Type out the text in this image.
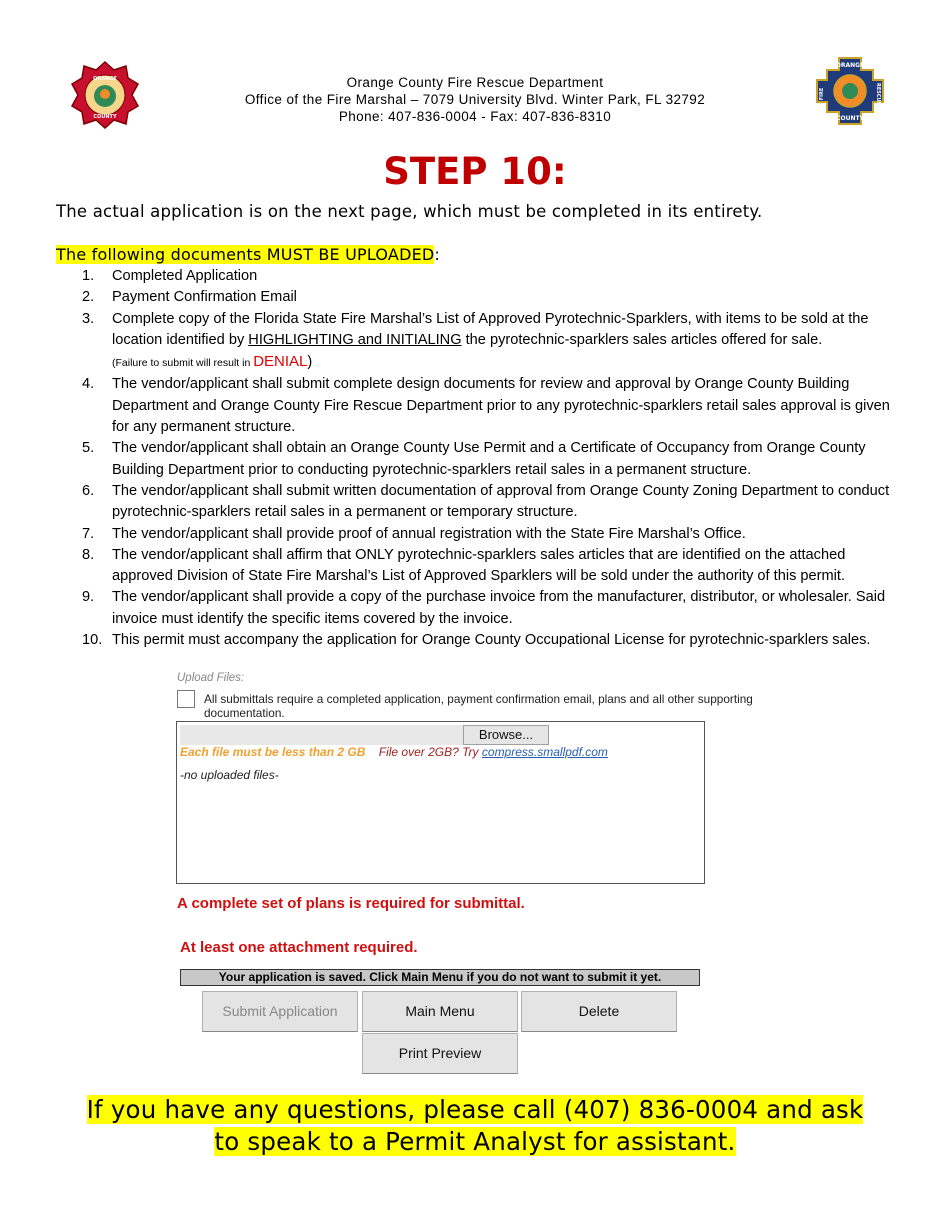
ORANGE
COUNTY
ORANGE
FIRE	RESCUE
COUNTY
Orange County Fire Rescue Department
Office of the Fire Marshal – 7079 University Blvd. Winter Park, FL 32792
Phone: 407-836-0004 - Fax: 407-836-8310
STEP 10:
The actual application is on the next page, which must be completed in its entirety.
The following documents MUST BE UPLOADED:
1.	Completed Application
2.	Payment Confirmation Email
3.	Complete copy of the Florida State Fire Marshal’s List of Approved Pyrotechnic-Sparklers, with items to be sold at the location identified by HIGHLIGHTING and INITIALING the pyrotechnic-sparklers sales articles offered for sale.
(Failure to submit will result in DENIAL)
4.	The vendor/applicant shall submit complete design documents for review and approval by Orange County Building Department and Orange County Fire Rescue Department prior to any pyrotechnic-sparklers retail sales approval is given for any permanent structure.
5.	The vendor/applicant shall obtain an Orange County Use Permit and a Certificate of Occupancy from Orange County Building Department prior to conducting pyrotechnic-sparklers retail sales in a permanent structure.
6.	The vendor/applicant shall submit written documentation of approval from Orange County Zoning Department to conduct pyrotechnic-sparklers retail sales in a permanent or temporary structure.
7.	The vendor/applicant shall provide proof of annual registration with the State Fire Marshal’s Office.
8.	The vendor/applicant shall affirm that ONLY pyrotechnic-sparklers sales articles that are identified on the attached approved Division of State Fire Marshal’s List of Approved Sparklers will be sold under the authority of this permit.
9.	The vendor/applicant shall provide a copy of the purchase invoice from the manufacturer, distributor, or wholesaler. Said invoice must identify the specific items covered by the invoice.
10. This permit must accompany the application for Orange County Occupational License for pyrotechnic-sparklers sales.
Upload Files:
All submittals require a completed application, payment confirmation email, plans and all other supporting documentation.
Browse...
Each file must be less than 2 GB File over 2GB? Try compress.smallpdf.com
-no uploaded files-
A complete set of plans is required for submittal.
At least one attachment required.
Your application is saved. Click Main Menu if you do not want to submit it yet.
Submit Application	Main Menu	Delete
Print Preview
If you have any questions, please call (407) 836-0004 and ask
to speak to a Permit Analyst for assistant.
